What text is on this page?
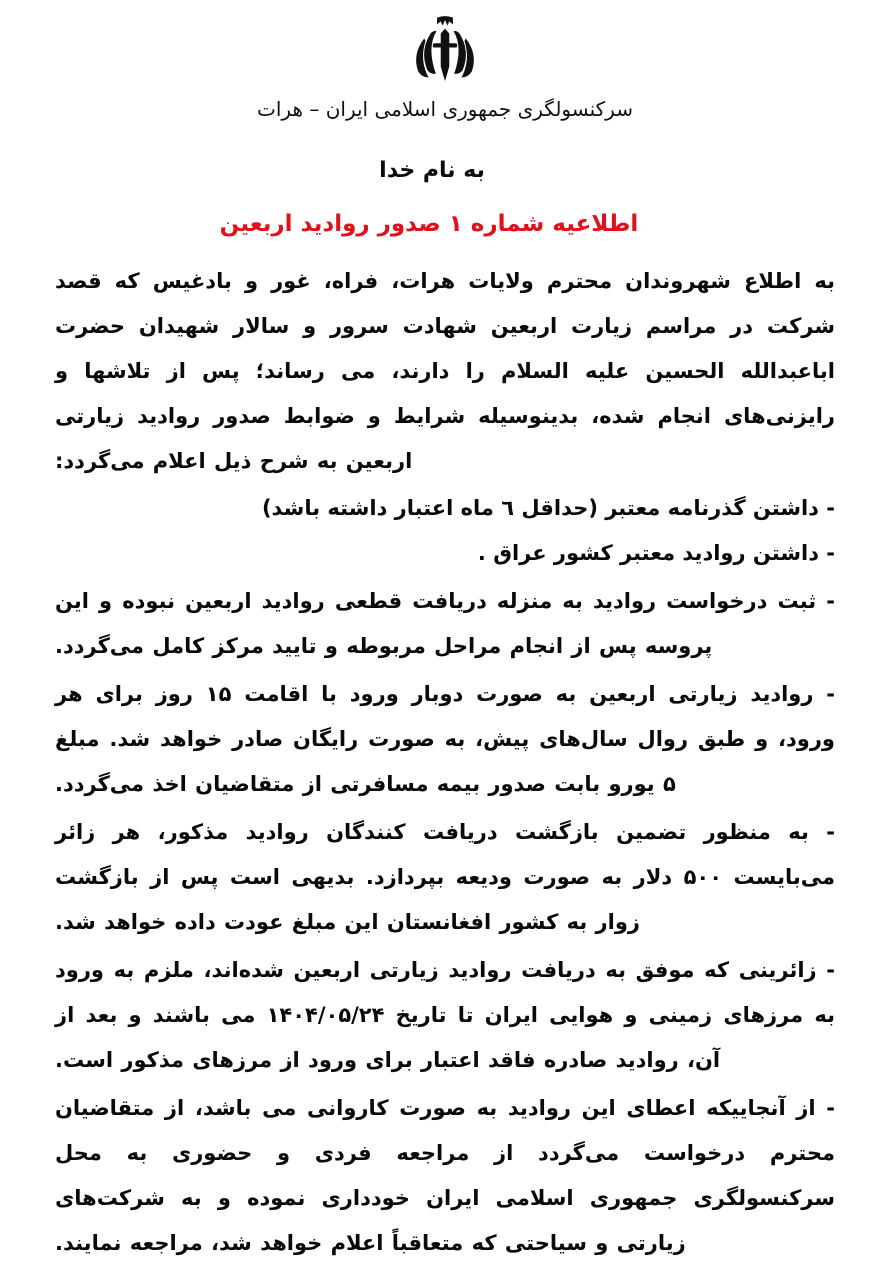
سرکنسولگری جمهوری اسلامی ایران – هرات
به نام خدا
اطلاعیه شماره ۱ صدور روادید اربعین

به اطلاع شهروندان محترم ولایات هرات، فراه، غور و بادغیس که قصد شرکت در مراسم زیارت اربعین شهادت سرور و سالار شهیدان حضرت اباعبدالله الحسین علیه السلام را دارند، می رساند؛ پس از تلاشها و رایزنی‌های انجام شده، بدینوسیله شرایط و ضوابط صدور روادید زیارتی اربعین به شرح ذیل اعلام می‌گردد:

- داشتن گذرنامه معتبر (حداقل ٦ ماه اعتبار داشته باشد)

- داشتن روادید معتبر کشور عراق .

- ثبت درخواست روادید به منزله دریافت قطعی روادید اربعین نبوده و این پروسه پس از انجام مراحل مربوطه و تایید مرکز کامل می‌گردد.

- روادید زیارتی اربعین به صورت دوبار ورود با اقامت ۱۵ روز برای هر ورود، و طبق روال سال‌های پیش، به صورت رایگان صادر خواهد شد. مبلغ ۵ یورو بابت صدور بیمه مسافرتی از متقاضیان اخذ می‌گردد.

- به منظور تضمین بازگشت دریافت کنندگان روادید مذکور، هر زائر می‌بایست ۵۰۰ دلار به صورت ودیعه بپردازد. بدیهی است پس از بازگشت زوار به کشور افغانستان این مبلغ عودت داده خواهد شد.

- زائرینی که موفق به دریافت روادید زیارتی اربعین شده‌اند، ملزم به ورود به مرزهای زمینی و هوایی ایران تا تاریخ ۱۴۰۴/۰۵/۲۴ می باشند و بعد از آن، روادید صادره فاقد اعتبار برای ورود از مرزهای مذکور است.

- از آنجاییکه اعطای این روادید به صورت کاروانی می باشد، از متقاضیان محترم درخواست می‌گردد از مراجعه فردی و حضوری به محل سرکنسولگری جمهوری اسلامی ایران خودداری نموده و به شرکت‌های زیارتی و سیاحتی که متعاقباً اعلام خواهد شد، مراجعه نمایند.
